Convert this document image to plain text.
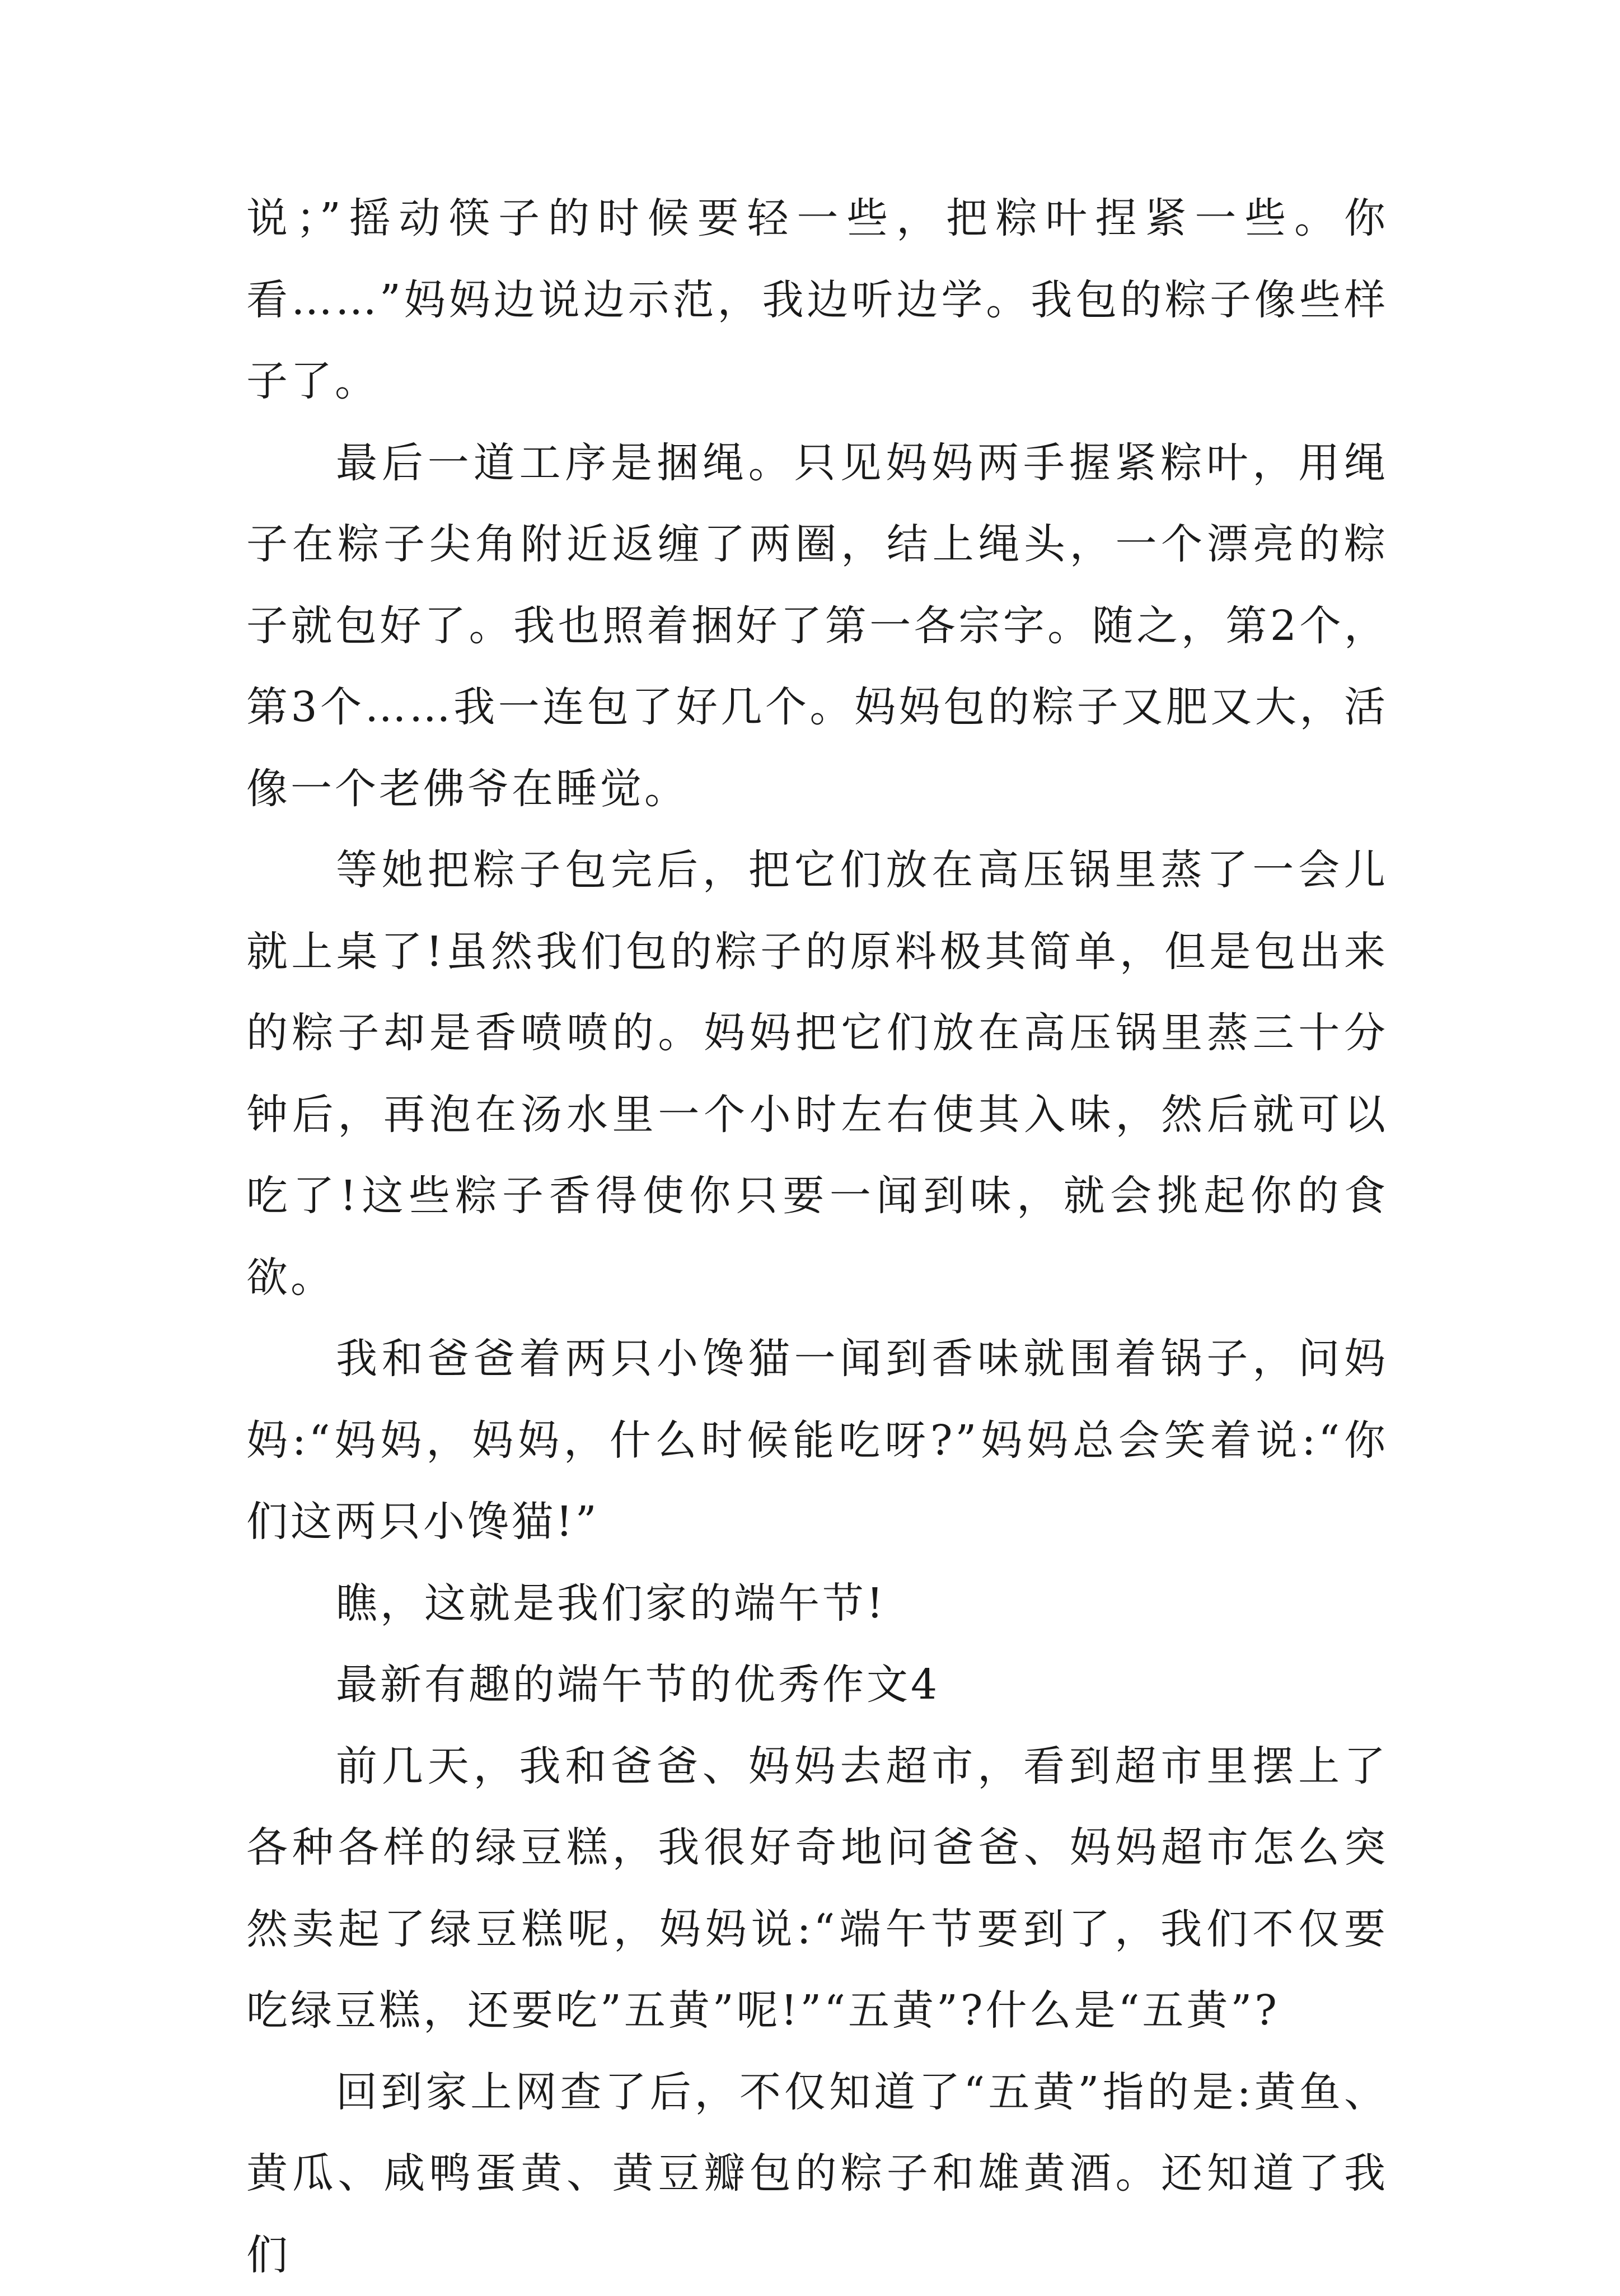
说；”摇动筷子的时候要轻一些，把粽叶捏紧一些。你看……”妈妈边说边示范，我边听边学。我包的粽子像些样子了。

最后一道工序是捆绳。只见妈妈两手握紧粽叶，用绳子在粽子尖角附近返缠了两圈，结上绳头，一个漂亮的粽子就包好了。我也照着捆好了第一各宗字。随之，第2个，第3个……我一连包了好几个。妈妈包的粽子又肥又大，活像一个老佛爷在睡觉。

等她把粽子包完后，把它们放在高压锅里蒸了一会儿就上桌了!虽然我们包的粽子的原料极其简单，但是包出来的粽子却是香喷喷的。妈妈把它们放在高压锅里蒸三十分钟后，再泡在汤水里一个小时左右使其入味，然后就可以吃了!这些粽子香得使你只要一闻到味，就会挑起你的食欲。

我和爸爸着两只小馋猫一闻到香味就围着锅子，问妈妈:“妈妈，妈妈，什么时候能吃呀?”妈妈总会笑着说:“你们这两只小馋猫!”

瞧，这就是我们家的端午节!

最新有趣的端午节的优秀作文4

前几天，我和爸爸、妈妈去超市，看到超市里摆上了各种各样的绿豆糕，我很好奇地问爸爸、妈妈超市怎么突然卖起了绿豆糕呢，妈妈说:“端午节要到了，我们不仅要吃绿豆糕，还要吃”五黄”呢!”“五黄”?什么是“五黄”?

回到家上网查了后，不仅知道了“五黄”指的是:黄鱼、黄瓜、咸鸭蛋黄、黄豆瓣包的粽子和雄黄酒。还知道了我们
